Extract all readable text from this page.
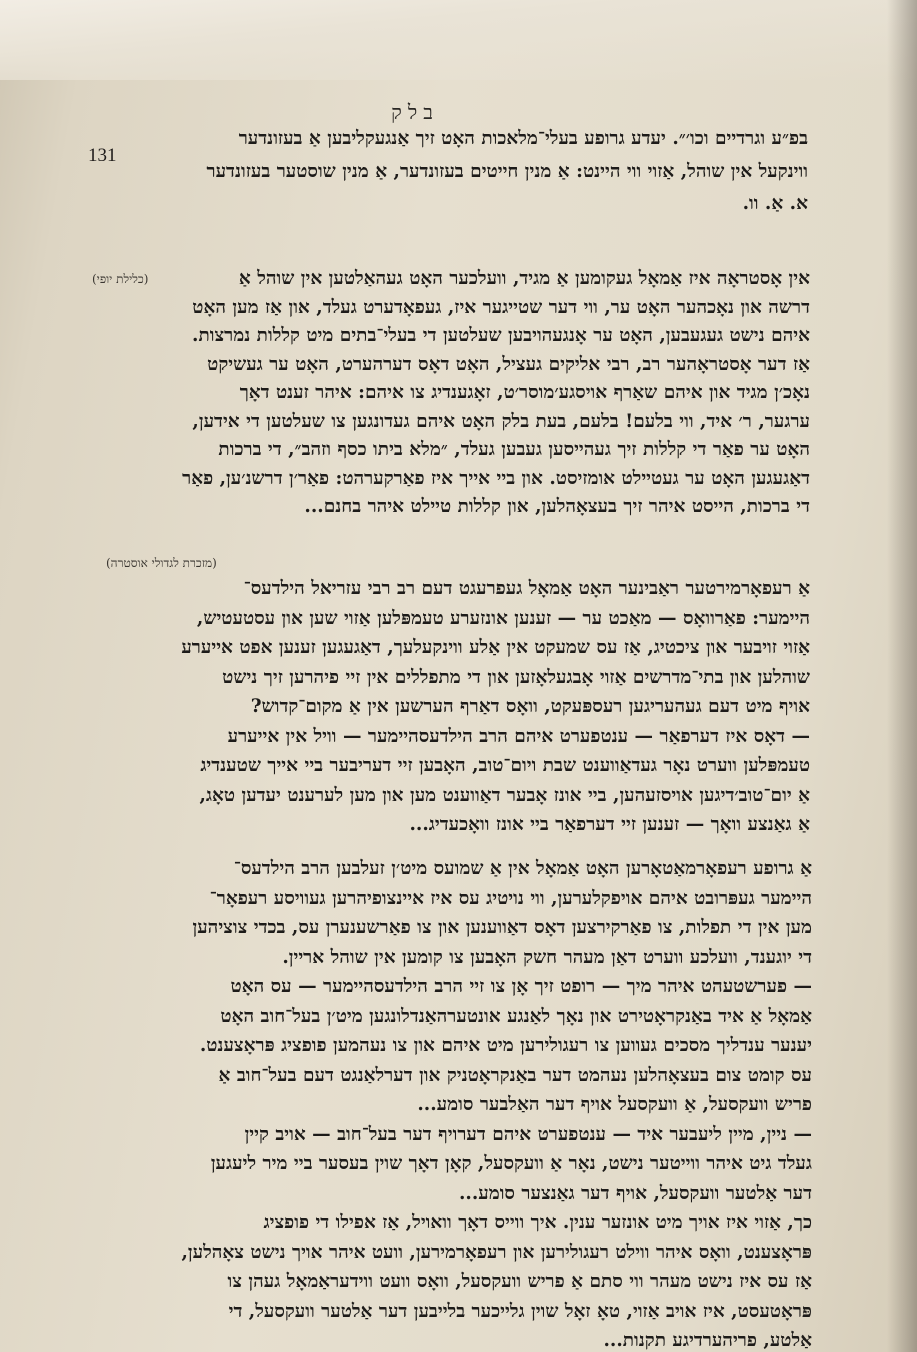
בלק
131
בפ״ע וגרדיים וכו׳״. יעדע גרופע בעלי־מלאכות האָט זיך אַנגעקליבען אַ בעזונדער
ווינקעל אין שוהל, אַזוי ווי היינט: אַ מנין חייטים בעזונדער, אַ מנין שוסטער בעזונדער
א. אַ. וו.
(כלילת יופי)	אין אָסטראָה איז אַמאָל געקומען אַ מגיד, וועלכער האָט געהאַלטען אין שוהל אַ
דרשה און נאָכהער האָט ער, ווי דער שטייגער איז, געפאָדערט געלד, און אַז מען האָט
איהם נישט געגעבען, האָט ער אָנגעהויבען שעלטען די בעלי־בתים מיט קללות נמרצות.
אַז דער אָסטראָהער רב, רבי אליקים געציל, האָט דאָס דערהערט, האָט ער געשיקט
נאָכ׳ן מגיד און איהם שאַרף אויסגע׳מוסר׳ט, זאָגענדיג צו איהם: איהר זענט דאָך
ערגער, ר׳ איד, ווי בלעם! בלעם, בעת בלק האָט איהם געדונגען צו שעלטען די אידען,
האָט ער פאַר די קללות זיך געהייסען געבען געלד, ״מלא ביתו כסף וזהב״, די ברכות
דאַגעגען האָט ער געטיילט אומזיסט. און ביי אייך איז פאַרקערהט: פאַר׳ן דרשנ׳ען, פאַר
די ברכות, הייסט איהר זיך בעצאָהלען, און קללות טיילט איהר בחנם...
(מזכרת לגדולי אוסטרה)
אַ רעפאָרמירטער ראַבינער האָט אַמאָל געפרעגט דעם רב רבי עזריאל הילדעס־
היימער: פאַרוואָס — מאַכט ער — זענען אונזערע טעמפּלען אַזוי שען און עסטעטיש,
אַזוי זויבער און ציכטיג, אַז עס שמעקט אין אַלע ווינקעלעך, דאַגעגען זענען אפט אייערע
שוהלען און בתי־מדרשים אַזוי אָבגעלאָזען און די מתפללים אין זיי פיהרען זיך נישט
אויף מיט דעם געהעריגען רעספּעקט, וואָס דאַרף הערשען אין אַ מקום־קדוש?
— דאָס איז דערפאַר — ענטפערט איהם הרב הילדעסהיימער — וויל אין אייערע
טעמפּלען ווערט נאָר געדאַווענט שבת ויום־טוב, האָבען זיי דעריבער ביי אייך שטענדיג
אַ יום־טוב׳דיגען אויסזעהען, ביי אונז אָבער דאַווענט מען און מען לערענט יעדען טאָג,
אַ גאַנצע וואָך — זענען זיי דערפאַר ביי אונז וואָכעדיג...
אַ גרופע רעפאָרמאַטאָרען האָט אַמאָל אין אַ שמועס מיט׳ן זעלבען הרב הילדעס־
היימער געפּרובט איהם אויפקלערען, ווי נויטיג עס איז איינצופיהרען געוויסע רעפאָר־
מען אין די תפלות, צו פאַרקירצען דאָס דאַווענען און צו פאַרשענערן עס, בכדי צוציהען
די יוגענד, וועלכע ווערט דאַן מעהר חשק האָבען צו קומען אין שוהל אריין.
— פערשטעהט איהר מיך — רופט זיך אָן צו זיי הרב הילדעסהיימער — עס האָט
אַמאָל אַ איד באַנקראָטירט און נאָך לאַנגע אונטערהאַנדלונגען מיט׳ן בעל־חוב האָט
יענער ענדליך מסכים געווען צו רעגולירען מיט איהם און צו נעהמען פופציג פּראָצענט.
עס קומט צום בעצאָהלען נעהמט דער באַנקראָטניק און דערלאַנגט דעם בעל־חוב אַ
פריש וועקסעל, אַ וועקסעל אויף דער האַלבער סומע...
— ניין, מיין ליעבער איד — ענטפערט איהם דערויף דער בעל־חוב — אויב קיין
געלד גיט איהר ווייטער נישט, נאָר אַ וועקסעל, קאָן דאָך שוין בעסער ביי מיר ליעגען
דער אַלטער וועקסעל, אויף דער גאַנצער סומע...
כך, אַזוי איז אויך מיט אונזער ענין. איך ווייס דאָך וואויל, אַז אפילו די פופציג
פּראָצענט, וואָס איהר ווילט רעגולירען און רעפאָרמירען, וועט איהר אויך נישט צאָהלען,
אַז עס איז נישט מעהר ווי סתם אַ פריש וועקסעל, וואָס וועט ווידעראַמאָל געהן צו
פּראָטעסט, איז אויב אַזוי, טאָ זאָל שוין גלייכער בלייבען דער אַלטער וועקסעל, די
אַלטע, פריהערדיגע תקנות...
